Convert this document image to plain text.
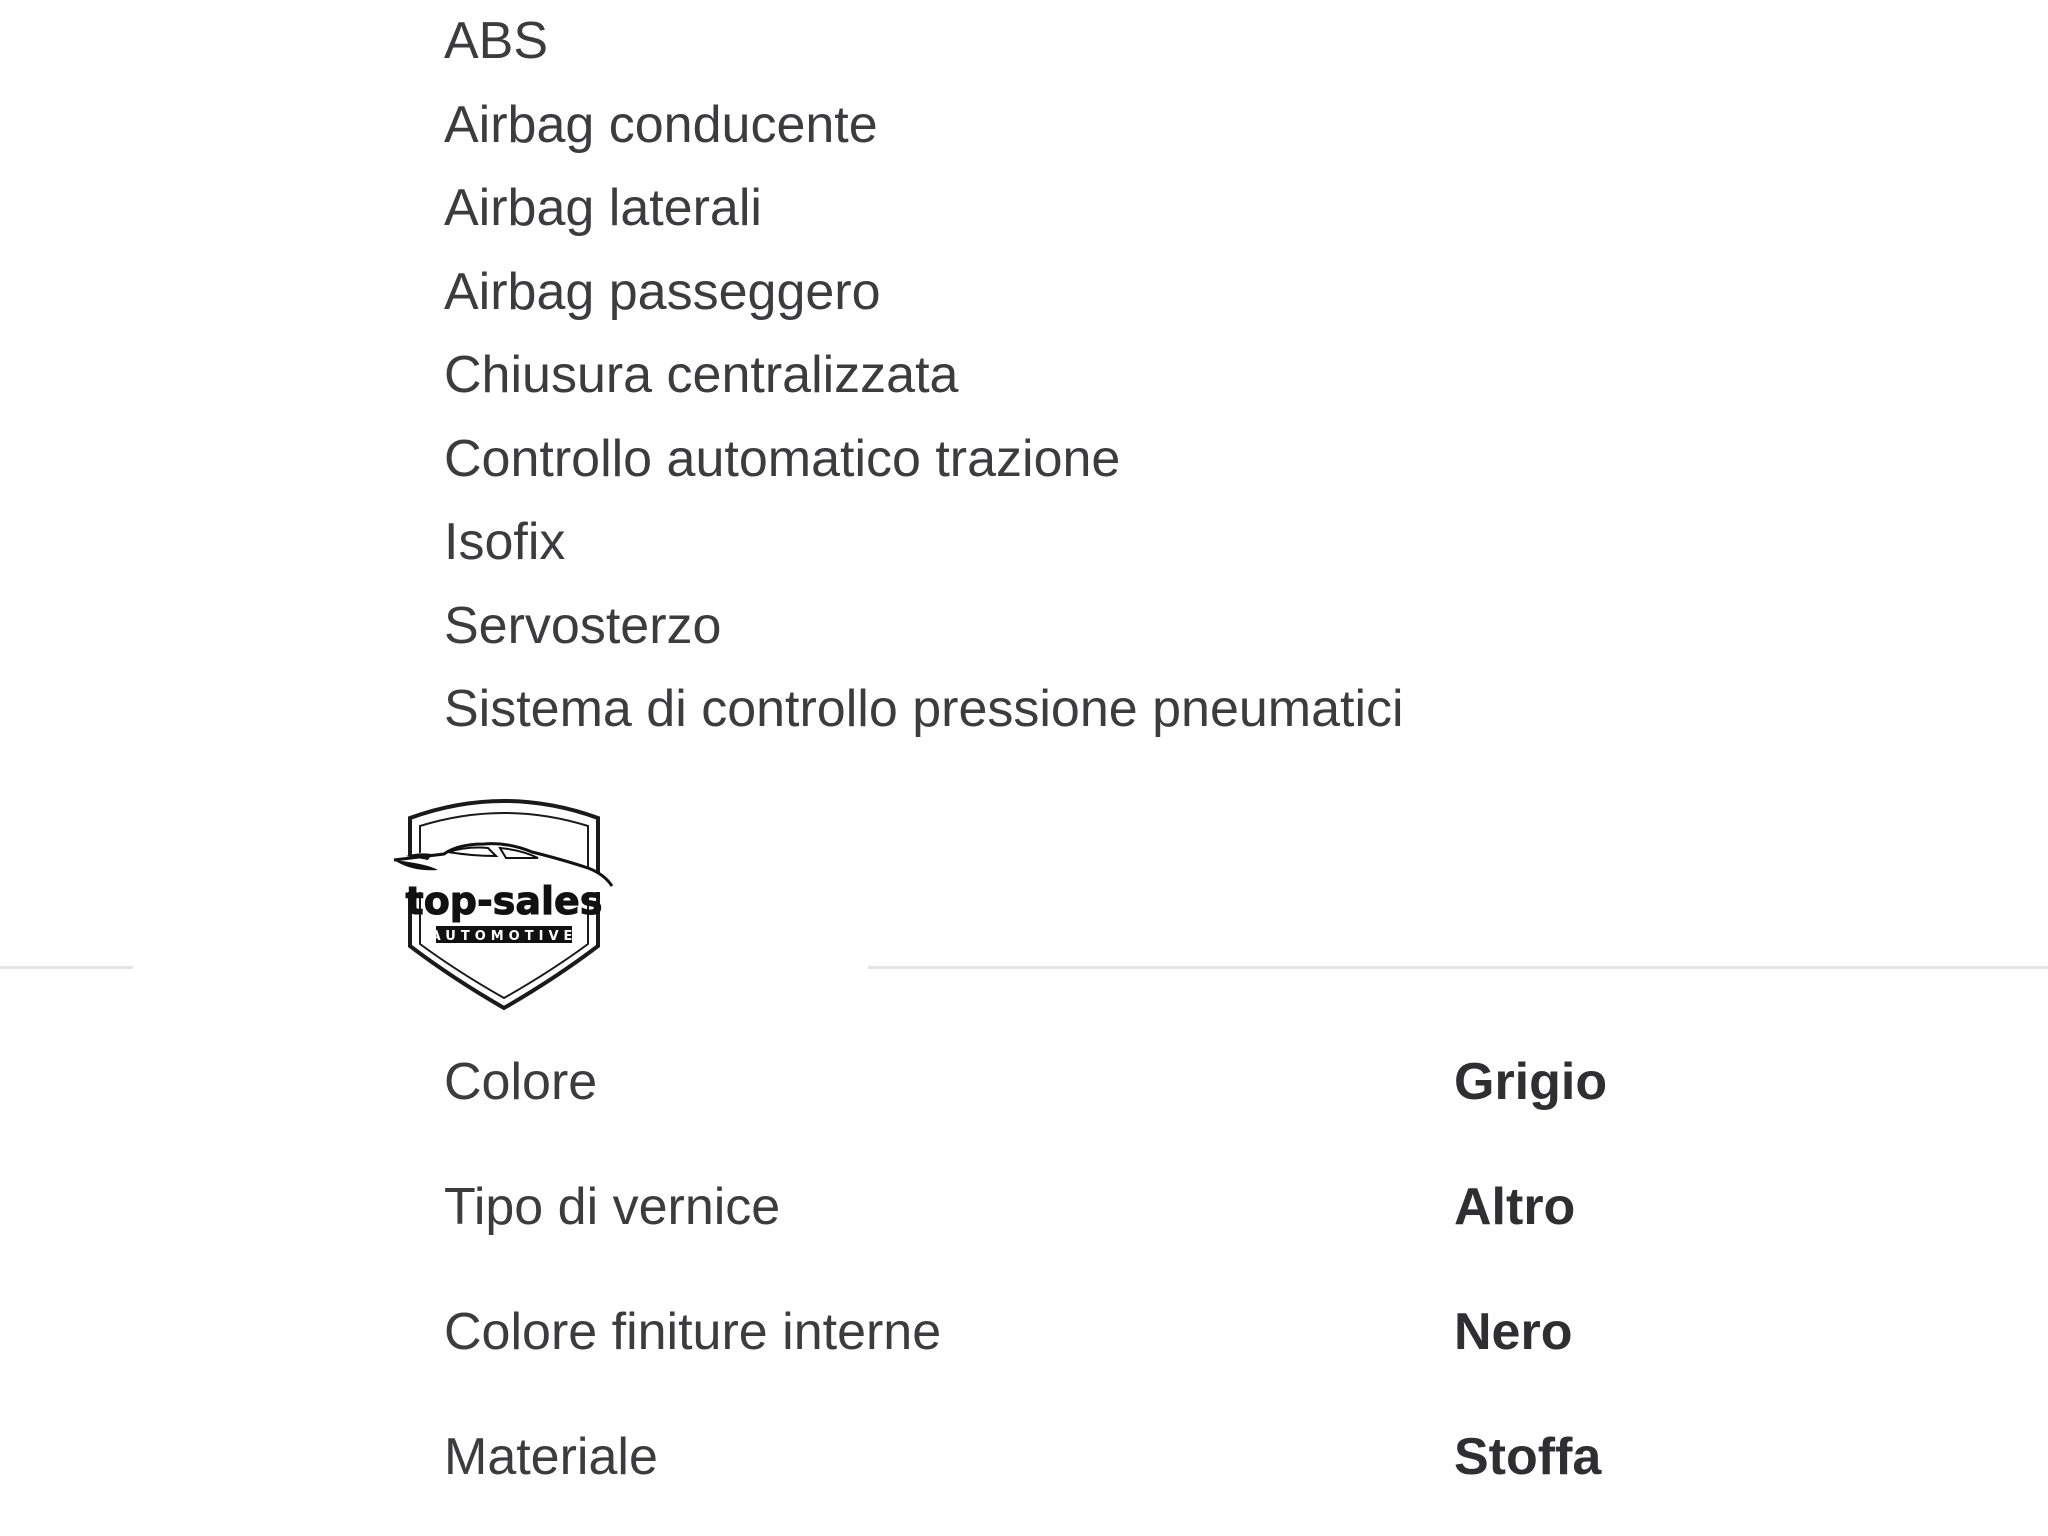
ABS
Airbag conducente
Airbag laterali
Airbag passeggero
Chiusura centralizzata
Controllo automatico trazione
Isofix
Servosterzo
Sistema di controllo pressione pneumatici
top-sales
AUTOMOTIVE
Colore	Grigio
Tipo di vernice	Altro
Colore finiture interne	Nero
Materiale	Stoffa
